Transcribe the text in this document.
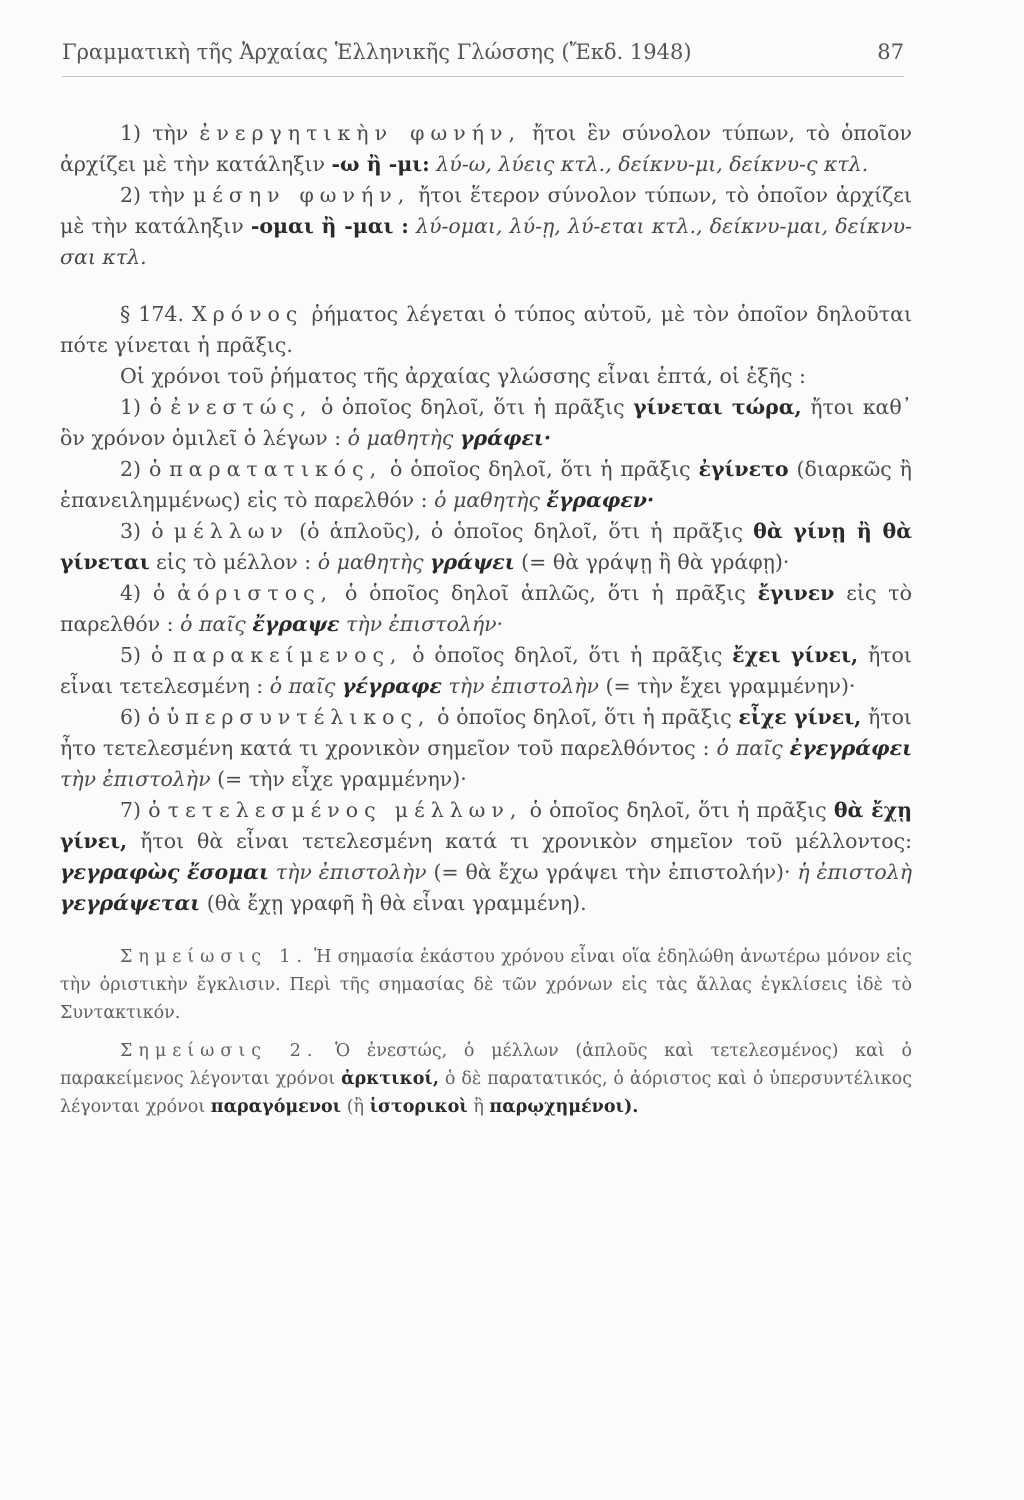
Γραμματικὴ τῆς Ἀρχαίας Ἑλληνικῆς Γλώσσης (Ἔκδ. 1948)	87

1) τὴν ἐνεργητικὴν φωνήν, ἤτοι ἓν σύνολον τύπων, τὸ ὁποῖον ἀρχίζει μὲ τὴν κατάληξιν -ω ἢ -μι: λύ-ω, λύεις κτλ., δείκνυ-μι, δείκνυ-ς κτλ.

2) τὴν μέσην φωνήν, ἤτοι ἕτερον σύνολον τύπων, τὸ ὁποῖον ἀρχίζει μὲ τὴν κατάληξιν -ομαι ἢ -μαι : λύ-ομαι, λύ-ῃ, λύ-εται κτλ., δείκνυ-μαι, δείκνυ-σαι κτλ.

§ 174. Χρόνος ῥήματος λέγεται ὁ τύπος αὐτοῦ, μὲ τὸν ὁποῖον δηλοῦται πότε γίνεται ἡ πρᾶξις.

Οἱ χρόνοι τοῦ ῥήματος τῆς ἀρχαίας γλώσσης εἶναι ἑπτά, οἱ ἑξῆς :

1) ὁ ἐνεστώς, ὁ ὁποῖος δηλοῖ, ὅτι ἡ πρᾶξις γίνεται τώρα, ἤτοι καθ᾽ ὃν χρόνον ὁμιλεῖ ὁ λέγων : ὁ μαθητὴς γράφει·

2) ὁ παρατατικός, ὁ ὁποῖος δηλοῖ, ὅτι ἡ πρᾶξις ἐγίνετο (διαρκῶς ἢ ἐπανειλημμένως) εἰς τὸ παρελθόν : ὁ μαθητὴς ἔγραφεν·

3) ὁ μέλλων (ὁ ἁπλοῦς), ὁ ὁποῖος δηλοῖ, ὅτι ἡ πρᾶξις θὰ γίνῃ ἢ θὰ γίνεται εἰς τὸ μέλλον : ὁ μαθητὴς γράψει (= θὰ γράψῃ ἢ θὰ γράφῃ)·

4) ὁ ἀόριστος, ὁ ὁποῖος δηλοῖ ἁπλῶς, ὅτι ἡ πρᾶξις ἔγινεν εἰς τὸ παρελθόν : ὁ παῖς ἔγραψε τὴν ἐπιστολήν·

5) ὁ παρακείμενος, ὁ ὁποῖος δηλοῖ, ὅτι ἡ πρᾶξις ἔχει γίνει, ἤτοι εἶναι τετελεσμένη : ὁ παῖς γέγραφε τὴν ἐπιστολὴν (= τὴν ἔχει γραμμένην)·

6) ὁ ὑπερσυντέλικος, ὁ ὁποῖος δηλοῖ, ὅτι ἡ πρᾶξις εἶχε γίνει, ἤτοι ἦτο τετελεσμένη κατά τι χρονικὸν σημεῖον τοῦ παρελθόντος : ὁ παῖς ἐγεγράφει τὴν ἐπιστολὴν (= τὴν εἶχε γραμμένην)·

7) ὁ τετελεσμένος μέλλων, ὁ ὁποῖος δηλοῖ, ὅτι ἡ πρᾶξις θὰ ἔχῃ γίνει, ἤτοι θὰ εἶναι τετελεσμένη κατά τι χρονικὸν σημεῖον τοῦ μέλλοντος: γεγραφὼς ἔσομαι τὴν ἐπιστολὴν (= θὰ ἔχω γράψει τὴν ἐπιστολήν)· ἡ ἐπιστολὴ γεγράψεται (θὰ ἔχῃ γραφῆ ἢ θὰ εἶναι γραμμένη).

Σημείωσις 1. Ἡ σημασία ἑκάστου χρόνου εἶναι οἵα ἐδηλώθη ἀνωτέρω μόνον εἰς τὴν ὁριστικὴν ἔγκλισιν. Περὶ τῆς σημασίας δὲ τῶν χρόνων εἰς τὰς ἄλλας ἐγκλίσεις ἰδὲ τὸ Συντακτικόν.

Σημείωσις 2. Ὁ ἐνεστώς, ὁ μέλλων (ἁπλοῦς καὶ τετελεσμένος) καὶ ὁ παρακείμενος λέγονται χρόνοι ἀρκτικοί, ὁ δὲ παρατατικός, ὁ ἀόριστος καὶ ὁ ὑπερσυντέλικος λέγονται χρόνοι παραγόμενοι (ἢ ἱστορικοὶ ἢ παρῳχημένοι).
